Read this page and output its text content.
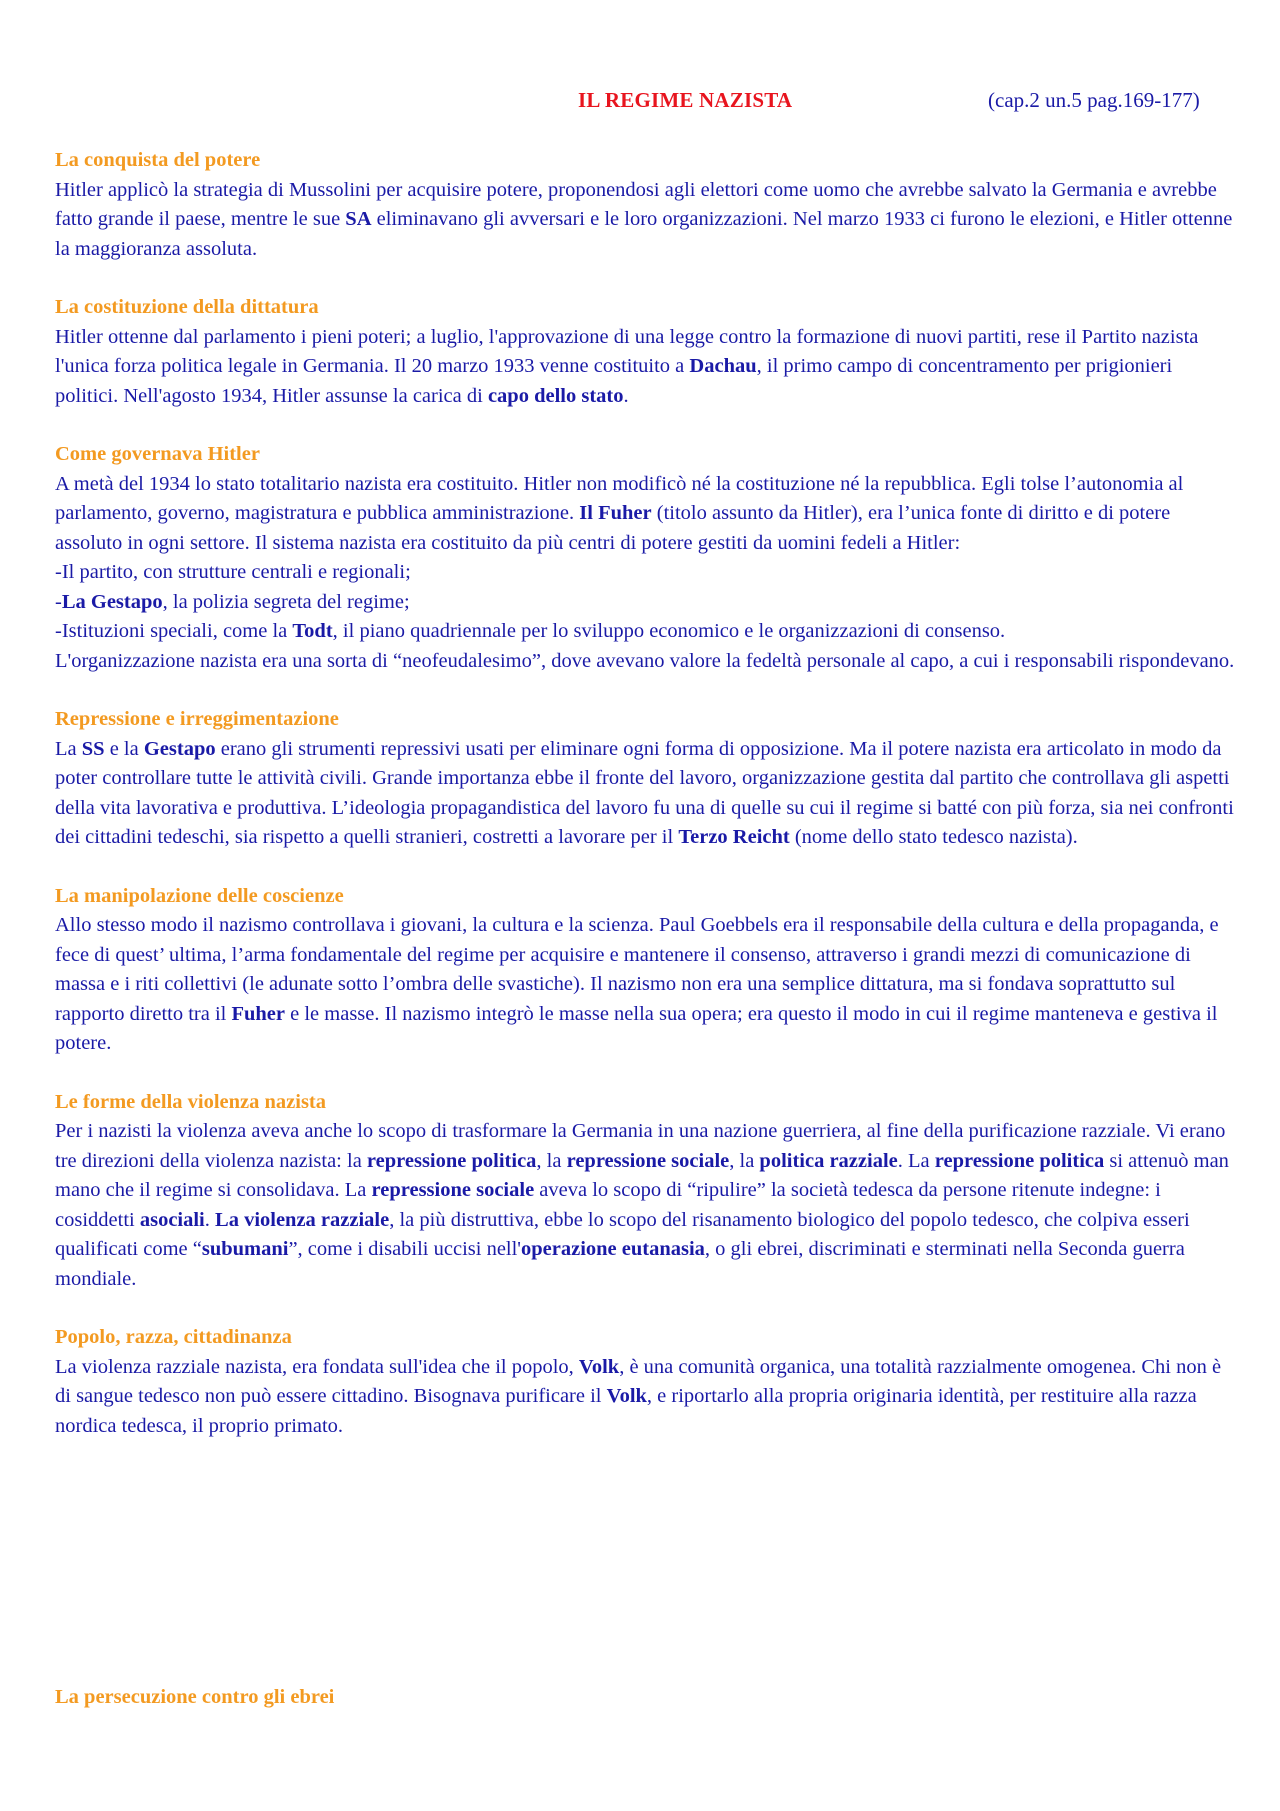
IL REGIME NAZISTA	(cap.2 un.5 pag.169-177)
La conquista del potere
Hitler applicò la strategia di Mussolini per acquisire potere, proponendosi agli elettori come uomo che avrebbe salvato la Germania e avrebbe fatto grande il paese, mentre le sue SA eliminavano gli avversari e le loro organizzazioni. Nel marzo 1933 ci furono le elezioni, e Hitler ottenne la maggioranza assoluta.
La costituzione della dittatura
Hitler ottenne dal parlamento i pieni poteri; a luglio, l'approvazione di una legge contro la formazione di nuovi partiti, rese il Partito nazista l'unica forza politica legale in Germania. Il 20 marzo 1933 venne costituito a Dachau, il primo campo di concentramento per prigionieri politici. Nell'agosto 1934, Hitler assunse la carica di capo dello stato.
Come governava Hitler
A metà del 1934 lo stato totalitario nazista era costituito. Hitler non modificò né la costituzione né la repubblica. Egli tolse l’autonomia al parlamento, governo, magistratura e pubblica amministrazione. Il Fuher (titolo assunto da Hitler), era l’unica fonte di diritto e di potere assoluto in ogni settore. Il sistema nazista era costituito da più centri di potere gestiti da uomini fedeli a Hitler:
-Il partito, con strutture centrali e regionali;
-La Gestapo, la polizia segreta del regime;
-Istituzioni speciali, come la Todt, il piano quadriennale per lo sviluppo economico e le organizzazioni di consenso.
L'organizzazione nazista era una sorta di “neofeudalesimo”, dove avevano valore la fedeltà personale al capo, a cui i responsabili rispondevano.
Repressione e irreggimentazione
La SS e la Gestapo erano gli strumenti repressivi usati per eliminare ogni forma di opposizione. Ma il potere nazista era articolato in modo da poter controllare tutte le attività civili. Grande importanza ebbe il fronte del lavoro, organizzazione gestita dal partito che controllava gli aspetti della vita lavorativa e produttiva. L’ideologia propagandistica del lavoro fu una di quelle su cui il regime si batté con più forza, sia nei confronti dei cittadini tedeschi, sia rispetto a quelli stranieri, costretti a lavorare per il Terzo Reicht (nome dello stato tedesco nazista).
La manipolazione delle coscienze
Allo stesso modo il nazismo controllava i giovani, la cultura e la scienza. Paul Goebbels era il responsabile della cultura e della propaganda, e fece di quest’ ultima, l’arma fondamentale del regime per acquisire e mantenere il consenso, attraverso i grandi mezzi di comunicazione di massa e i riti collettivi (le adunate sotto l’ombra delle svastiche). Il nazismo non era una semplice dittatura, ma si fondava soprattutto sul rapporto diretto tra il Fuher e le masse. Il nazismo integrò le masse nella sua opera; era questo il modo in cui il regime manteneva e gestiva il potere.
Le forme della violenza nazista
Per i nazisti la violenza aveva anche lo scopo di trasformare la Germania in una nazione guerriera, al fine della purificazione razziale. Vi erano tre direzioni della violenza nazista: la repressione politica, la repressione sociale, la politica razziale. La repressione politica si attenuò man mano che il regime si consolidava. La repressione sociale aveva lo scopo di “ripulire” la società tedesca da persone ritenute indegne: i cosiddetti asociali. La violenza razziale, la più distruttiva, ebbe lo scopo del risanamento biologico del popolo tedesco, che colpiva esseri qualificati come “subumani”, come i disabili uccisi nell'operazione eutanasia, o gli ebrei, discriminati e sterminati nella Seconda guerra mondiale.
Popolo, razza, cittadinanza
La violenza razziale nazista, era fondata sull'idea che il popolo, Volk, è una comunità organica, una totalità razzialmente omogenea. Chi non è di sangue tedesco non può essere cittadino. Bisognava purificare il Volk, e riportarlo alla propria originaria identità, per restituire alla razza nordica tedesca, il proprio primato.
La persecuzione contro gli ebrei
